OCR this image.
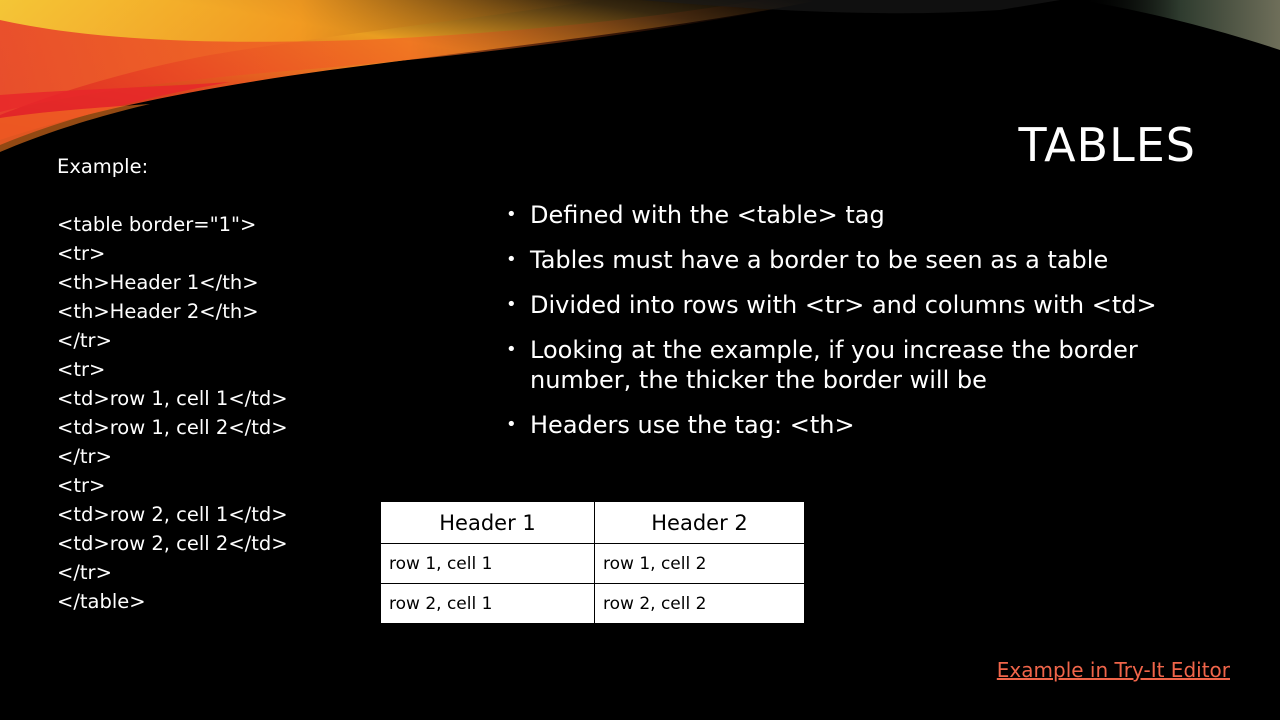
TABLES
Example:
<table border="1">
<tr>
<th>Header 1</th>
<th>Header 2</th>
</tr>
<tr>
<td>row 1, cell 1</td>
<td>row 1, cell 2</td>
</tr>
<tr>
<td>row 2, cell 1</td>
<td>row 2, cell 2</td>
</tr>
</table>
• Defined with the <table> tag
• Tables must have a border to be seen as a table
• Divided into rows with <tr> and columns with <td>
• Looking at the example, if you increase the border number, the thicker the border will be
• Headers use the tag: <th>
Header 1	Header 2
row 1, cell 1	row 1, cell 2
row 2, cell 1	row 2, cell 2
Example in Try-It Editor
